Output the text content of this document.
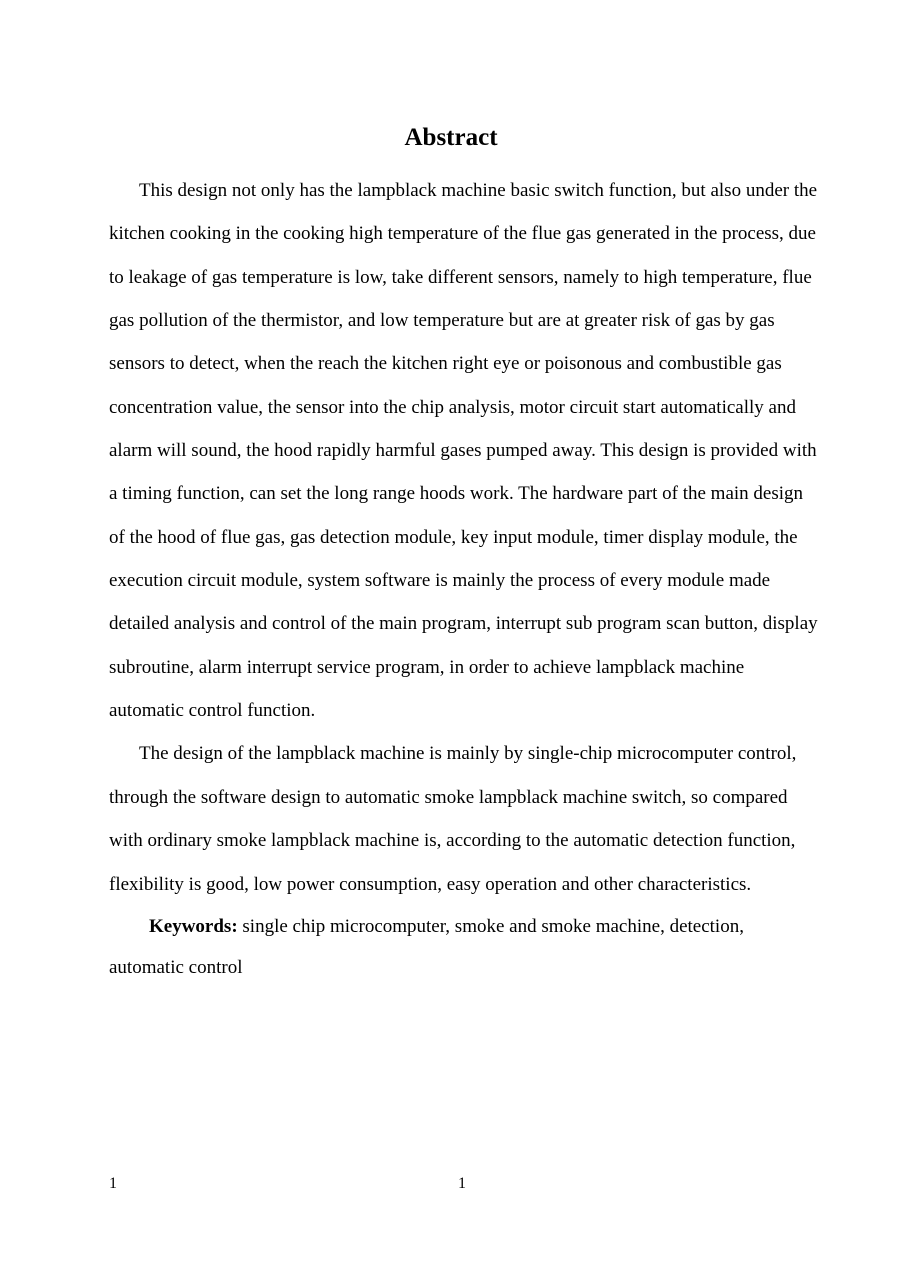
Abstract

This design not only has the lampblack machine basic switch function, but also under the kitchen cooking in the cooking high temperature of the flue gas generated in the process, due to leakage of gas temperature is low, take different sensors, namely to high temperature, flue gas pollution of the thermistor, and low temperature but are at greater risk of gas by gas sensors to detect, when the reach the kitchen right eye or poisonous and combustible gas concentration value, the sensor into the chip analysis, motor circuit start automatically and alarm will sound, the hood rapidly harmful gases pumped away. This design is provided with a timing function, can set the long range hoods work. The hardware part of the main design of the hood of flue gas, gas detection module, key input module, timer display module, the execution circuit module, system software is mainly the process of every module made detailed analysis and control of the main program, interrupt sub program scan button, display subroutine, alarm interrupt service program, in order to achieve lampblack machine automatic control function.

The design of the lampblack machine is mainly by single-chip microcomputer control, through the software design to automatic smoke lampblack machine switch, so compared with ordinary smoke lampblack machine is, according to the automatic detection function, flexibility is good, low power consumption, easy operation and other characteristics.

Keywords: single chip microcomputer, smoke and smoke machine, detection, automatic control

1	1
